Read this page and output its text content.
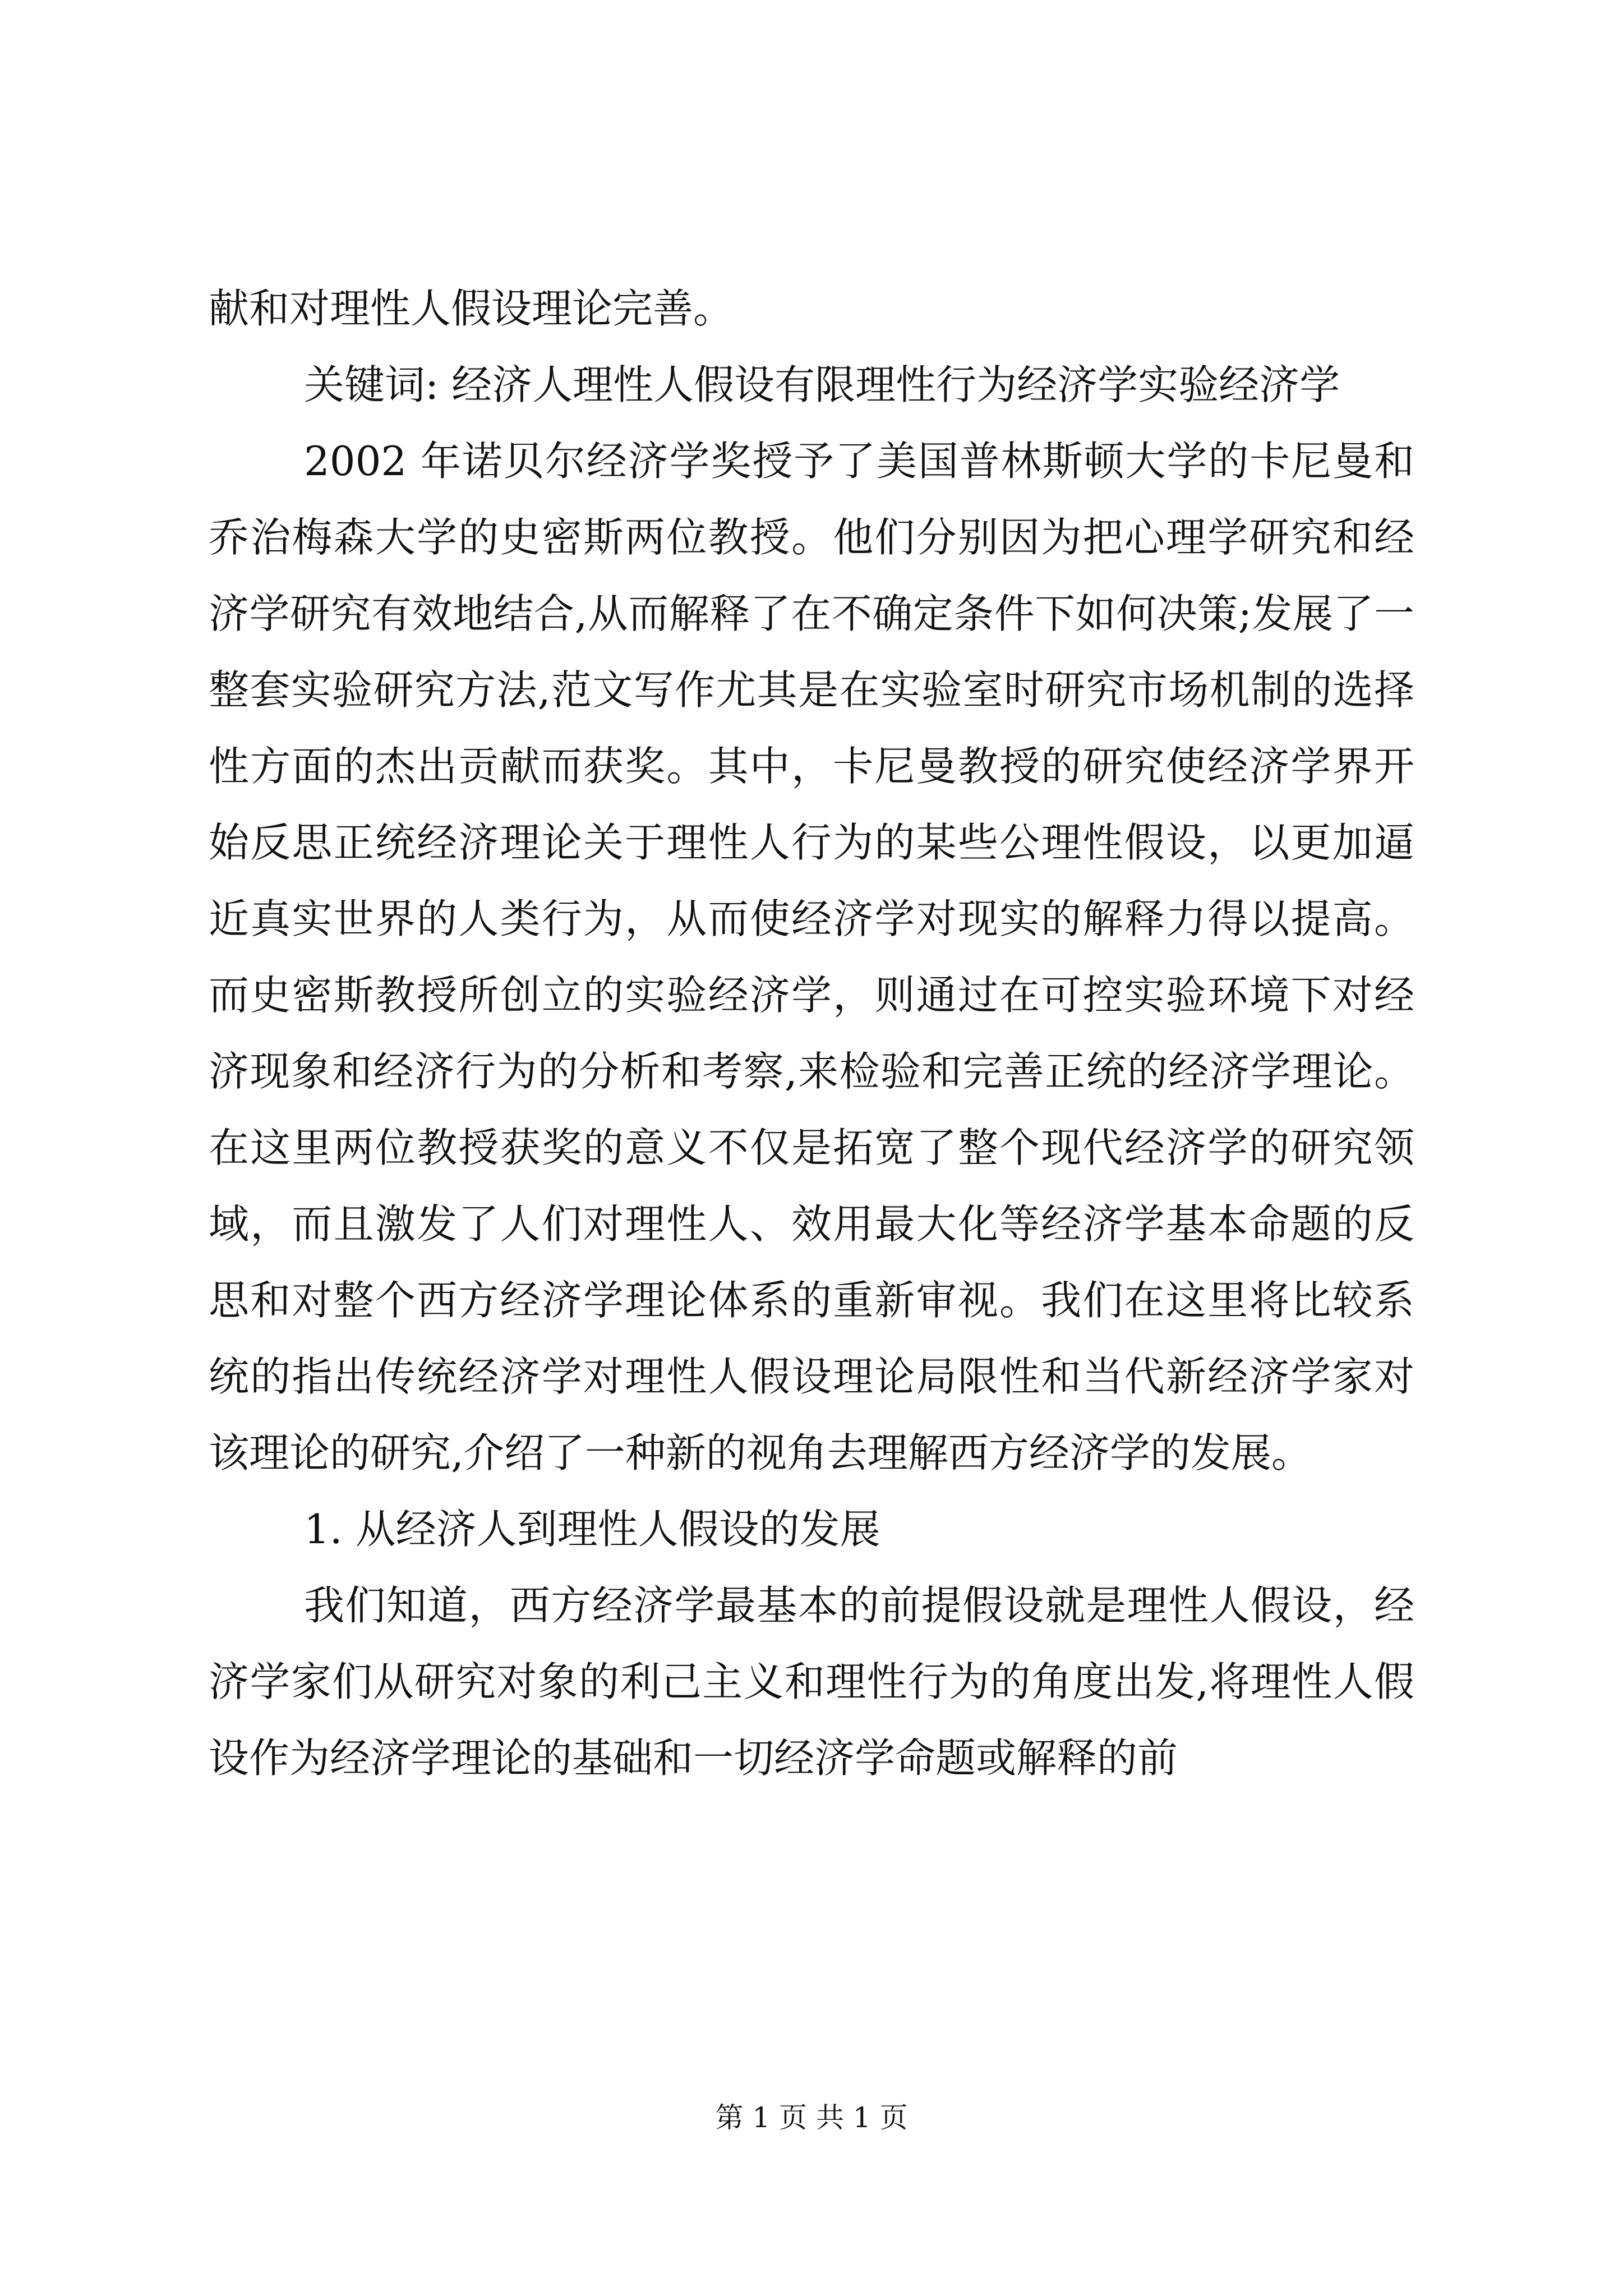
献和对理性人假设理论完善。

关键词: 经济人理性人假设有限理性行为经济学实验经济学

2002 年诺贝尔经济学奖授予了美国普林斯顿大学的卡尼曼和乔治梅森大学的史密斯两位教授。他们分别因为把心理学研究和经济学研究有效地结合,从而解释了在不确定条件下如何决策;发展了一整套实验研究方法,范文写作尤其是在实验室时研究市场机制的选择性方面的杰出贡献而获奖。其中，卡尼曼教授的研究使经济学界开始反思正统经济理论关于理性人行为的某些公理性假设，以更加逼近真实世界的人类行为，从而使经济学对现实的解释力得以提高。而史密斯教授所创立的实验经济学，则通过在可控实验环境下对经济现象和经济行为的分析和考察,来检验和完善正统的经济学理论。在这里两位教授获奖的意义不仅是拓宽了整个现代经济学的研究领域，而且激发了人们对理性人、效用最大化等经济学基本命题的反思和对整个西方经济学理论体系的重新审视。我们在这里将比较系统的指出传统经济学对理性人假设理论局限性和当代新经济学家对该理论的研究,介绍了一种新的视角去理解西方经济学的发展。

1. 从经济人到理性人假设的发展

我们知道，西方经济学最基本的前提假设就是理性人假设，经济学家们从研究对象的利己主义和理性行为的角度出发,将理性人假设作为经济学理论的基础和一切经济学命题或解释的前

第 1 页 共 1 页
